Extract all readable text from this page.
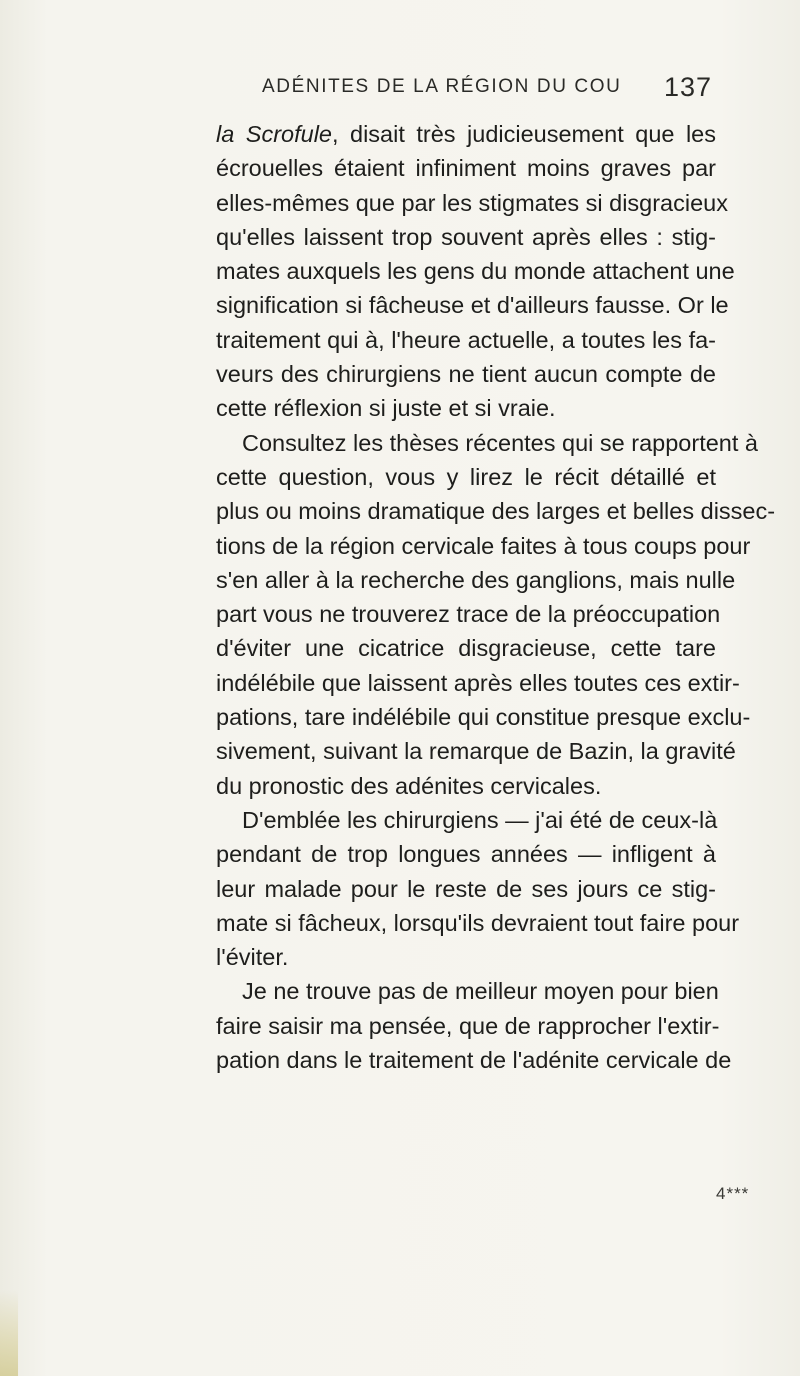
ADÉNITES DE LA RÉGION DU COU 137
la Scrofule, disait très judicieusement que les
écrouelles étaient infiniment moins graves par
elles-mêmes que par les stigmates si disgracieux
qu'elles laissent trop souvent après elles : stig-
mates auxquels les gens du monde attachent une
signification si fâcheuse et d'ailleurs fausse. Or le
traitement qui à, l'heure actuelle, a toutes les fa-
veurs des chirurgiens ne tient aucun compte de
cette réflexion si juste et si vraie.
Consultez les thèses récentes qui se rapportent à
cette question, vous y lirez le récit détaillé et
plus ou moins dramatique des larges et belles dissec-
tions de la région cervicale faites à tous coups pour
s'en aller à la recherche des ganglions, mais nulle
part vous ne trouverez trace de la préoccupation
d'éviter une cicatrice disgracieuse, cette tare
indélébile que laissent après elles toutes ces extir-
pations, tare indélébile qui constitue presque exclu-
sivement, suivant la remarque de Bazin, la gravité
du pronostic des adénites cervicales.
D'emblée les chirurgiens — j'ai été de ceux-là
pendant de trop longues années — infligent à
leur malade pour le reste de ses jours ce stig-
mate si fâcheux, lorsqu'ils devraient tout faire pour
l'éviter.
Je ne trouve pas de meilleur moyen pour bien
faire saisir ma pensée, que de rapprocher l'extir-
pation dans le traitement de l'adénite cervicale de
4***
